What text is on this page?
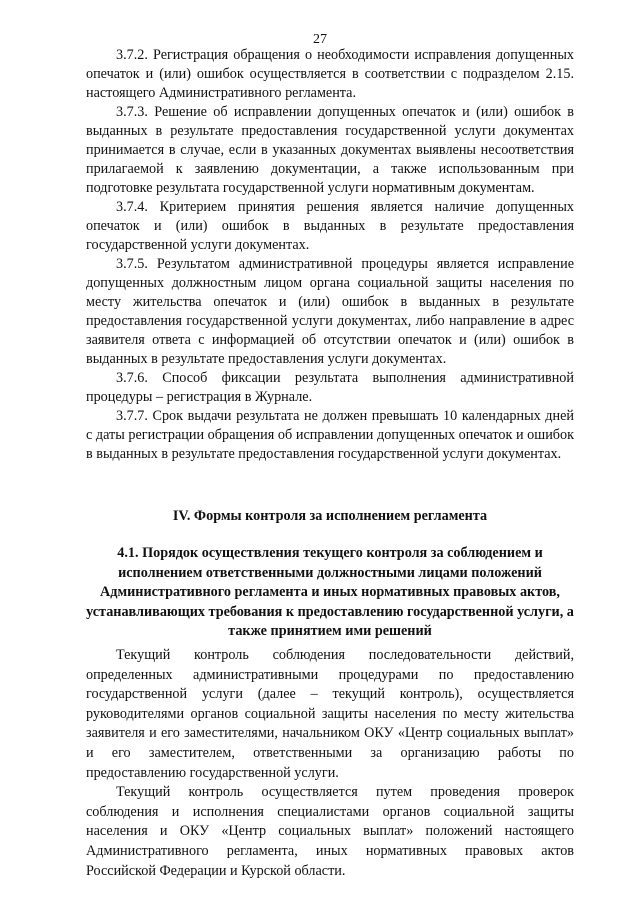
27

3.7.2. Регистрация обращения о необходимости исправления допущенных опечаток и (или) ошибок осуществляется в соответствии с подразделом 2.15. настоящего Административного регламента.

3.7.3. Решение об исправлении допущенных опечаток и (или) ошибок в выданных в результате предоставления государственной услуги документах принимается в случае, если в указанных документах выявлены несоответствия прилагаемой к заявлению документации, а также использованным при подготовке результата государственной услуги нормативным документам.

3.7.4. Критерием принятия решения является наличие допущенных опечаток и (или) ошибок в выданных в результате предоставления государственной услуги документах.

3.7.5. Результатом административной процедуры является исправление допущенных должностным лицом органа социальной защиты населения по месту жительства опечаток и (или) ошибок в выданных в результате предоставления государственной услуги документах, либо направление в адрес заявителя ответа с информацией об отсутствии опечаток и (или) ошибок в выданных в результате предоставления услуги документах.

3.7.6. Способ фиксации результата выполнения административной процедуры – регистрация в Журнале.

3.7.7. Срок выдачи результата не должен превышать 10 календарных дней с даты регистрации обращения об исправлении допущенных опечаток и ошибок в выданных в результате предоставления государственной услуги документах.

IV. Формы контроля за исполнением регламента

4.1. Порядок осуществления текущего контроля за соблюдением и исполнением ответственными должностными лицами положений Административного регламента и иных нормативных правовых актов, устанавливающих требования к предоставлению государственной услуги, а также принятием ими решений

Текущий контроль соблюдения последовательности действий, определенных административными процедурами по предоставлению государственной услуги (далее – текущий контроль), осуществляется руководителями органов социальной защиты населения по месту жительства заявителя и его заместителями, начальником ОКУ «Центр социальных выплат» и его заместителем, ответственными за организацию работы по предоставлению государственной услуги.

Текущий контроль осуществляется путем проведения проверок соблюдения и исполнения специалистами органов социальной защиты населения и ОКУ «Центр социальных выплат» положений настоящего Административного регламента, иных нормативных правовых актов Российской Федерации и Курской области.
